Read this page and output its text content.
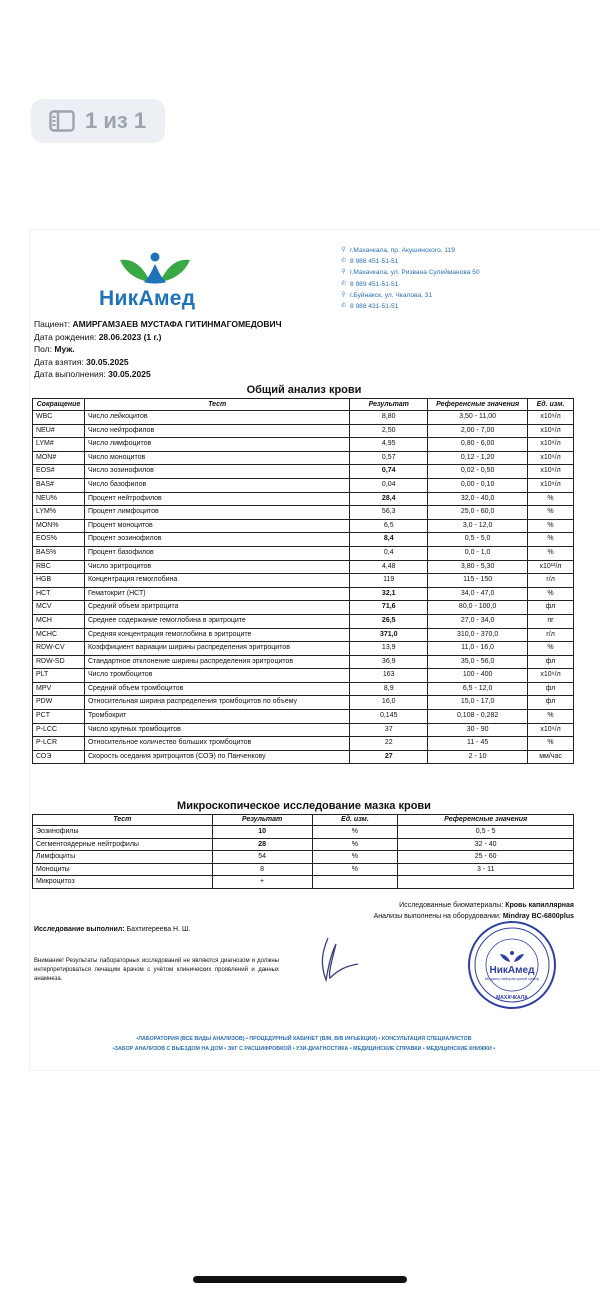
1 из 1
НикАмед
⚲ г.Махачкала, пр. Акушинского, 119
✆ 8 988 451-51-51
⚲ г.Махачкала, ул. Ризвана Сулейманова 50
✆ 8 989 451-51-51
⚲ г.Буйнакск, ул. Чкалова, 31
✆ 8 988 431-51-51
Пациент: АМИРГАМЗАЕВ МУСТАФА ГИТИНМАГОМЕДОВИЧ
Дата рождения: 28.06.2023 (1 г.)
Пол: Муж.
Дата взятия: 30.05.2025
Дата выполнения: 30.05.2025
Общий анализ крови
Сокращение	Тест	Результат	Референсные значения	Ед. изм.
WBC	Число лейкоцитов	8,80	3,50 - 11,00	x10⁹/л
NEU#	Число нейтрофилов	2,50	2,00 - 7,00	x10⁹/л
LYM#	Число лимфоцитов	4,95	0,80 - 6,00	x10⁹/л
MON#	Число моноцитов	0,57	0,12 - 1,20	x10⁹/л
EOS#	Число эозинофилов	0,74	0,02 - 0,50	x10⁹/л
BAS#	Число базофилов	0,04	0,00 - 0,10	x10⁹/л
NEU%	Процент нейтрофилов	28,4	32,0 - 40,0	%
LYM%	Процент лимфоцитов	56,3	25,0 - 60,0	%
MON%	Процент моноцитов	6,5	3,0 - 12,0	%
EOS%	Процент эозинофилов	8,4	0,5 - 5,0	%
BAS%	Процент базофилов	0,4	0,0 - 1,0	%
RBC	Число эритроцитов	4,48	3,80 - 5,30	x10¹²/л
HGB	Концентрация гемоглобина	119	115 - 150	г/л
HCT	Гематокрит (НСТ)	32,1	34,0 - 47,0	%
MCV	Средний объем эритроцита	71,6	80,0 - 100,0	фл
MCH	Среднее содержание гемоглобина в эритроците	26,5	27,0 - 34,0	пг
MCHC	Средняя концентрация гемоглобина в эритроците	371,0	310,0 - 370,0	г/л
RDW-CV	Коэффициент вариации ширины распределения эритроцитов	13,9	11,0 - 16,0	%
RDW-SD	Стандартное отклонение ширины распределения эритроцитов	36,9	35,0 - 56,0	фл
PLT	Число тромбоцитов	163	100 - 400	x10⁹/л
MPV	Средний объем тромбоцитов	8,9	6,5 - 12,0	фл
PDW	Относительная ширина распределения тромбоцитов по объему	16,0	15,0 - 17,0	фл
PCT	Тромбокрит	0,145	0,108 - 0,282	%
P-LCC	Число крупных тромбоцитов	37	30 - 90	x10⁹/л
P-LCR	Относительное количество больших тромбоцитов	22	11 - 45	%
СОЭ	Скорость оседания эритроцитов (СОЭ) по Панченкову	27	2 - 10	мм/час
Микроскопическое исследование мазка крови
Тест	Результат	Ед. изм.	Референсные значения
Эозинофилы	10	%	0,5 - 5
Сегментоядерные нейтрофилы	28	%	32 - 40
Лимфоциты	54	%	25 - 60
Моноциты	8	%	3 - 11
Микроцитоз	+		
Исследованные биоматериалы: Кровь капиллярная
Анализы выполнены на оборудовании: Mindray BC-6800plus
Исследование выполнил: Бахтигереева Н. Ш.
Внимание! Результаты лабораторных исследований не являются диагнозом и должны интерпретироваться лечащим врачом с учётом клинических проявлений и данных анамнеза.
НикАмед
Медико-лабораторный центр
МАХАЧКАЛА
•ЛАБОРАТОРИЯ (ВСЕ ВИДЫ АНАЛИЗОВ) • ПРОЦЕДУРНЫЙ КАБИНЕТ (В/М, В/В ИНЪЕКЦИИ) • КОНСУЛЬТАЦИЯ СПЕЦИАЛИСТОВ
•ЗАБОР АНАЛИЗОВ С ВЫЕЗДОМ НА ДОМ • ЭКГ С РАСШИФРОВКОЙ • УЗИ-ДИАГНОСТИКА • МЕДИЦИНСКИЕ СПРАВКИ • МЕДИЦИНСКИЕ КНИЖКИ •
